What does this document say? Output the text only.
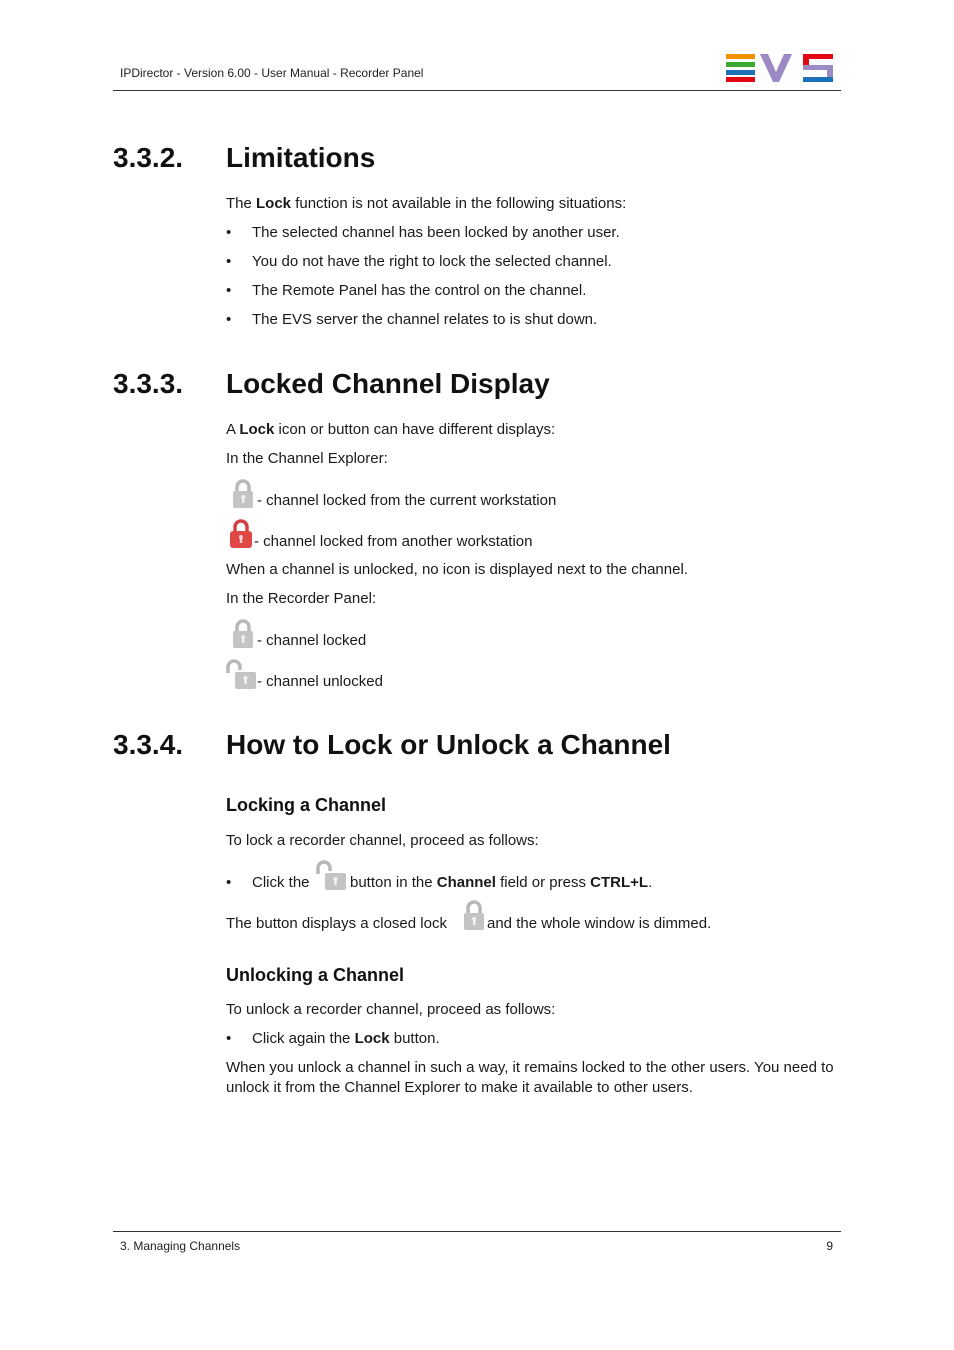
IPDirector - Version 6.00 - User Manual - Recorder Panel
3.3.2. Limitations
The Lock function is not available in the following situations:
• The selected channel has been locked by another user.
• You do not have the right to lock the selected channel.
• The Remote Panel has the control on the channel.
• The EVS server the channel relates to is shut down.
3.3.3. Locked Channel Display
A Lock icon or button can have different displays:
In the Channel Explorer:
- channel locked from the current workstation
- channel locked from another workstation
When a channel is unlocked, no icon is displayed next to the channel.
In the Recorder Panel:
- channel locked
- channel unlocked
3.3.4. How to Lock or Unlock a Channel
Locking a Channel
To lock a recorder channel, proceed as follows:
• Click the	button in the Channel field or press CTRL+L.
The button displays a closed lock	and the whole window is dimmed.
Unlocking a Channel
To unlock a recorder channel, proceed as follows:
• Click again the Lock button.
When you unlock a channel in such a way, it remains locked to the other users. You need to unlock it from the Channel Explorer to make it available to other users.
3. Managing Channels	9
